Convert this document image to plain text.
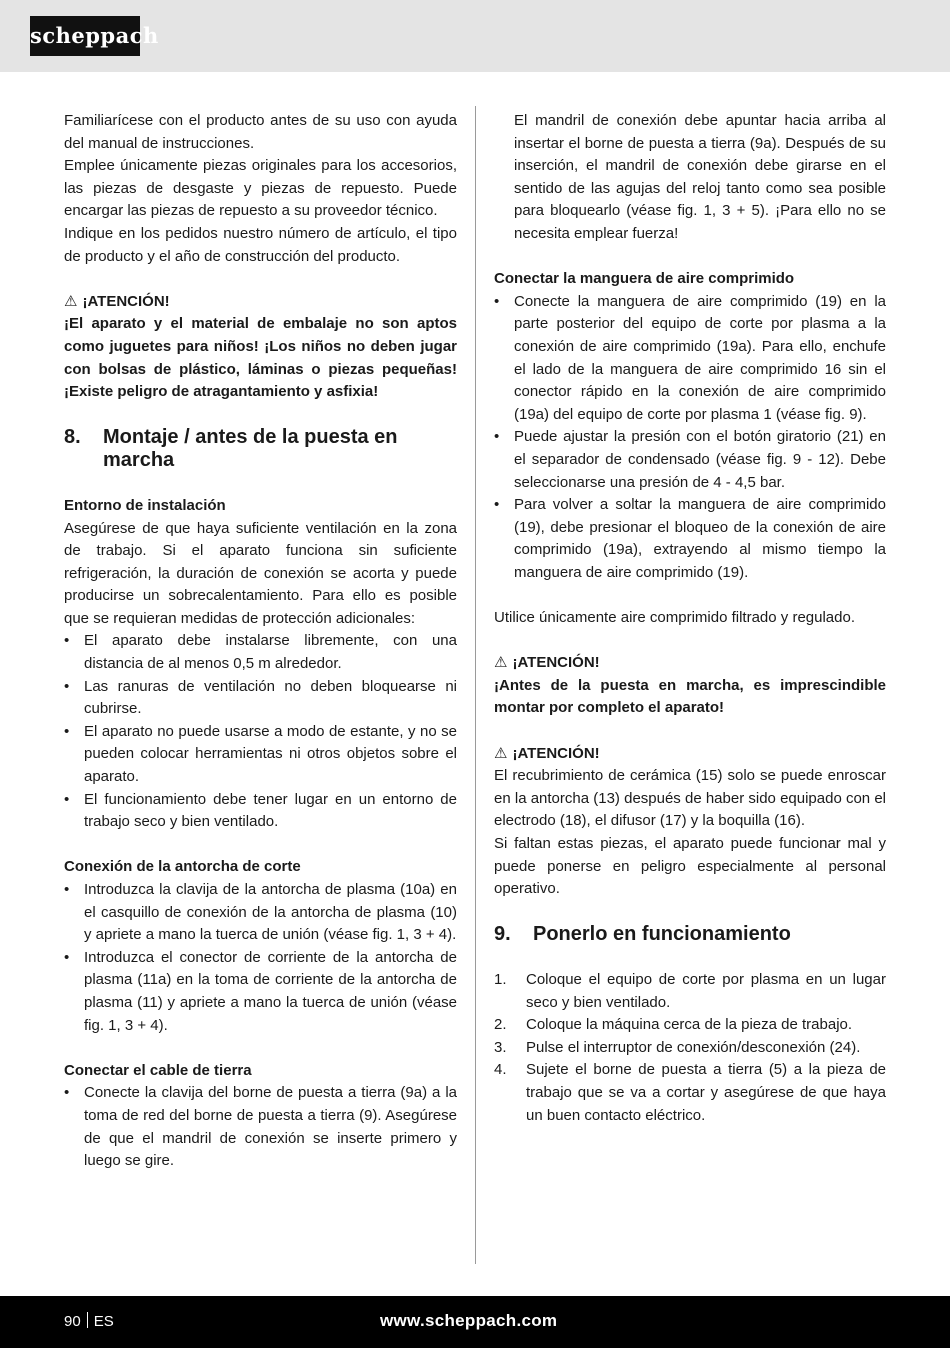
scheppach

Familiarícese con el producto antes de su uso con ayuda del manual de instrucciones.

Emplee únicamente piezas originales para los accesorios, las piezas de desgaste y piezas de repuesto. Puede encargar las piezas de repuesto a su proveedor técnico.

Indique en los pedidos nuestro número de artículo, el tipo de producto y el año de construcción del producto.

⚠ ¡ATENCIÓN!

¡El aparato y el material de embalaje no son aptos como juguetes para niños! ¡Los niños no deben jugar con bolsas de plástico, láminas o piezas pequeñas! ¡Existe peligro de atragantamiento y asfixia!

8.	Montaje / antes de la puesta en marcha

Entorno de instalación

Asegúrese de que haya suficiente ventilación en la zona de trabajo. Si el aparato funciona sin suficiente refrigeración, la duración de conexión se acorta y puede producirse un sobrecalentamiento. Para ello es posible que se requieran medidas de protección adicionales:

• El aparato debe instalarse libremente, con una distancia de al menos 0,5 m alrededor.
• Las ranuras de ventilación no deben bloquearse ni cubrirse.
• El aparato no puede usarse a modo de estante, y no se pueden colocar herramientas ni otros objetos sobre el aparato.
• El funcionamiento debe tener lugar en un entorno de trabajo seco y bien ventilado.

Conexión de la antorcha de corte

• Introduzca la clavija de la antorcha de plasma (10a) en el casquillo de conexión de la antorcha de plasma (10) y apriete a mano la tuerca de unión (véase fig. 1, 3 + 4).
• Introduzca el conector de corriente de la antorcha de plasma (11a) en la toma de corriente de la antorcha de plasma (11) y apriete a mano la tuerca de unión (véase fig. 1, 3 + 4).

Conectar el cable de tierra

• Conecte la clavija del borne de puesta a tierra (9a) a la toma de red del borne de puesta a tierra (9). Asegúrese de que el mandril de conexión se inserte primero y luego se gire.

El mandril de conexión debe apuntar hacia arriba al insertar el borne de puesta a tierra (9a). Después de su inserción, el mandril de conexión debe girarse en el sentido de las agujas del reloj tanto como sea posible para bloquearlo (véase fig. 1, 3 + 5). ¡Para ello no se necesita emplear fuerza!

Conectar la manguera de aire comprimido

• Conecte la manguera de aire comprimido (19) en la parte posterior del equipo de corte por plasma a la conexión de aire comprimido (19a). Para ello, enchufe el lado de la manguera de aire comprimido 16 sin el conector rápido en la conexión de aire comprimido (19a) del equipo de corte por plasma 1 (véase fig. 9).
• Puede ajustar la presión con el botón giratorio (21) en el separador de condensado (véase fig. 9 - 12). Debe seleccionarse una presión de 4 - 4,5 bar.
• Para volver a soltar la manguera de aire comprimido (19), debe presionar el bloqueo de la conexión de aire comprimido (19a), extrayendo al mismo tiempo la manguera de aire comprimido (19).

Utilice únicamente aire comprimido filtrado y regulado.

⚠ ¡ATENCIÓN!

¡Antes de la puesta en marcha, es imprescindible montar por completo el aparato!

⚠ ¡ATENCIÓN!

El recubrimiento de cerámica (15) solo se puede enroscar en la antorcha (13) después de haber sido equipado con el electrodo (18), el difusor (17) y la boquilla (16).

Si faltan estas piezas, el aparato puede funcionar mal y puede ponerse en peligro especialmente al personal operativo.

9.	Ponerlo en funcionamiento
1. Coloque el equipo de corte por plasma en un lugar seco y bien ventilado.
2. Coloque la máquina cerca de la pieza de trabajo.
3. Pulse el interruptor de conexión/desconexión (24).
4. Sujete el borne de puesta a tierra (5) a la pieza de trabajo que se va a cortar y asegúrese de que haya un buen contacto eléctrico.
90 ES	www.scheppach.com
